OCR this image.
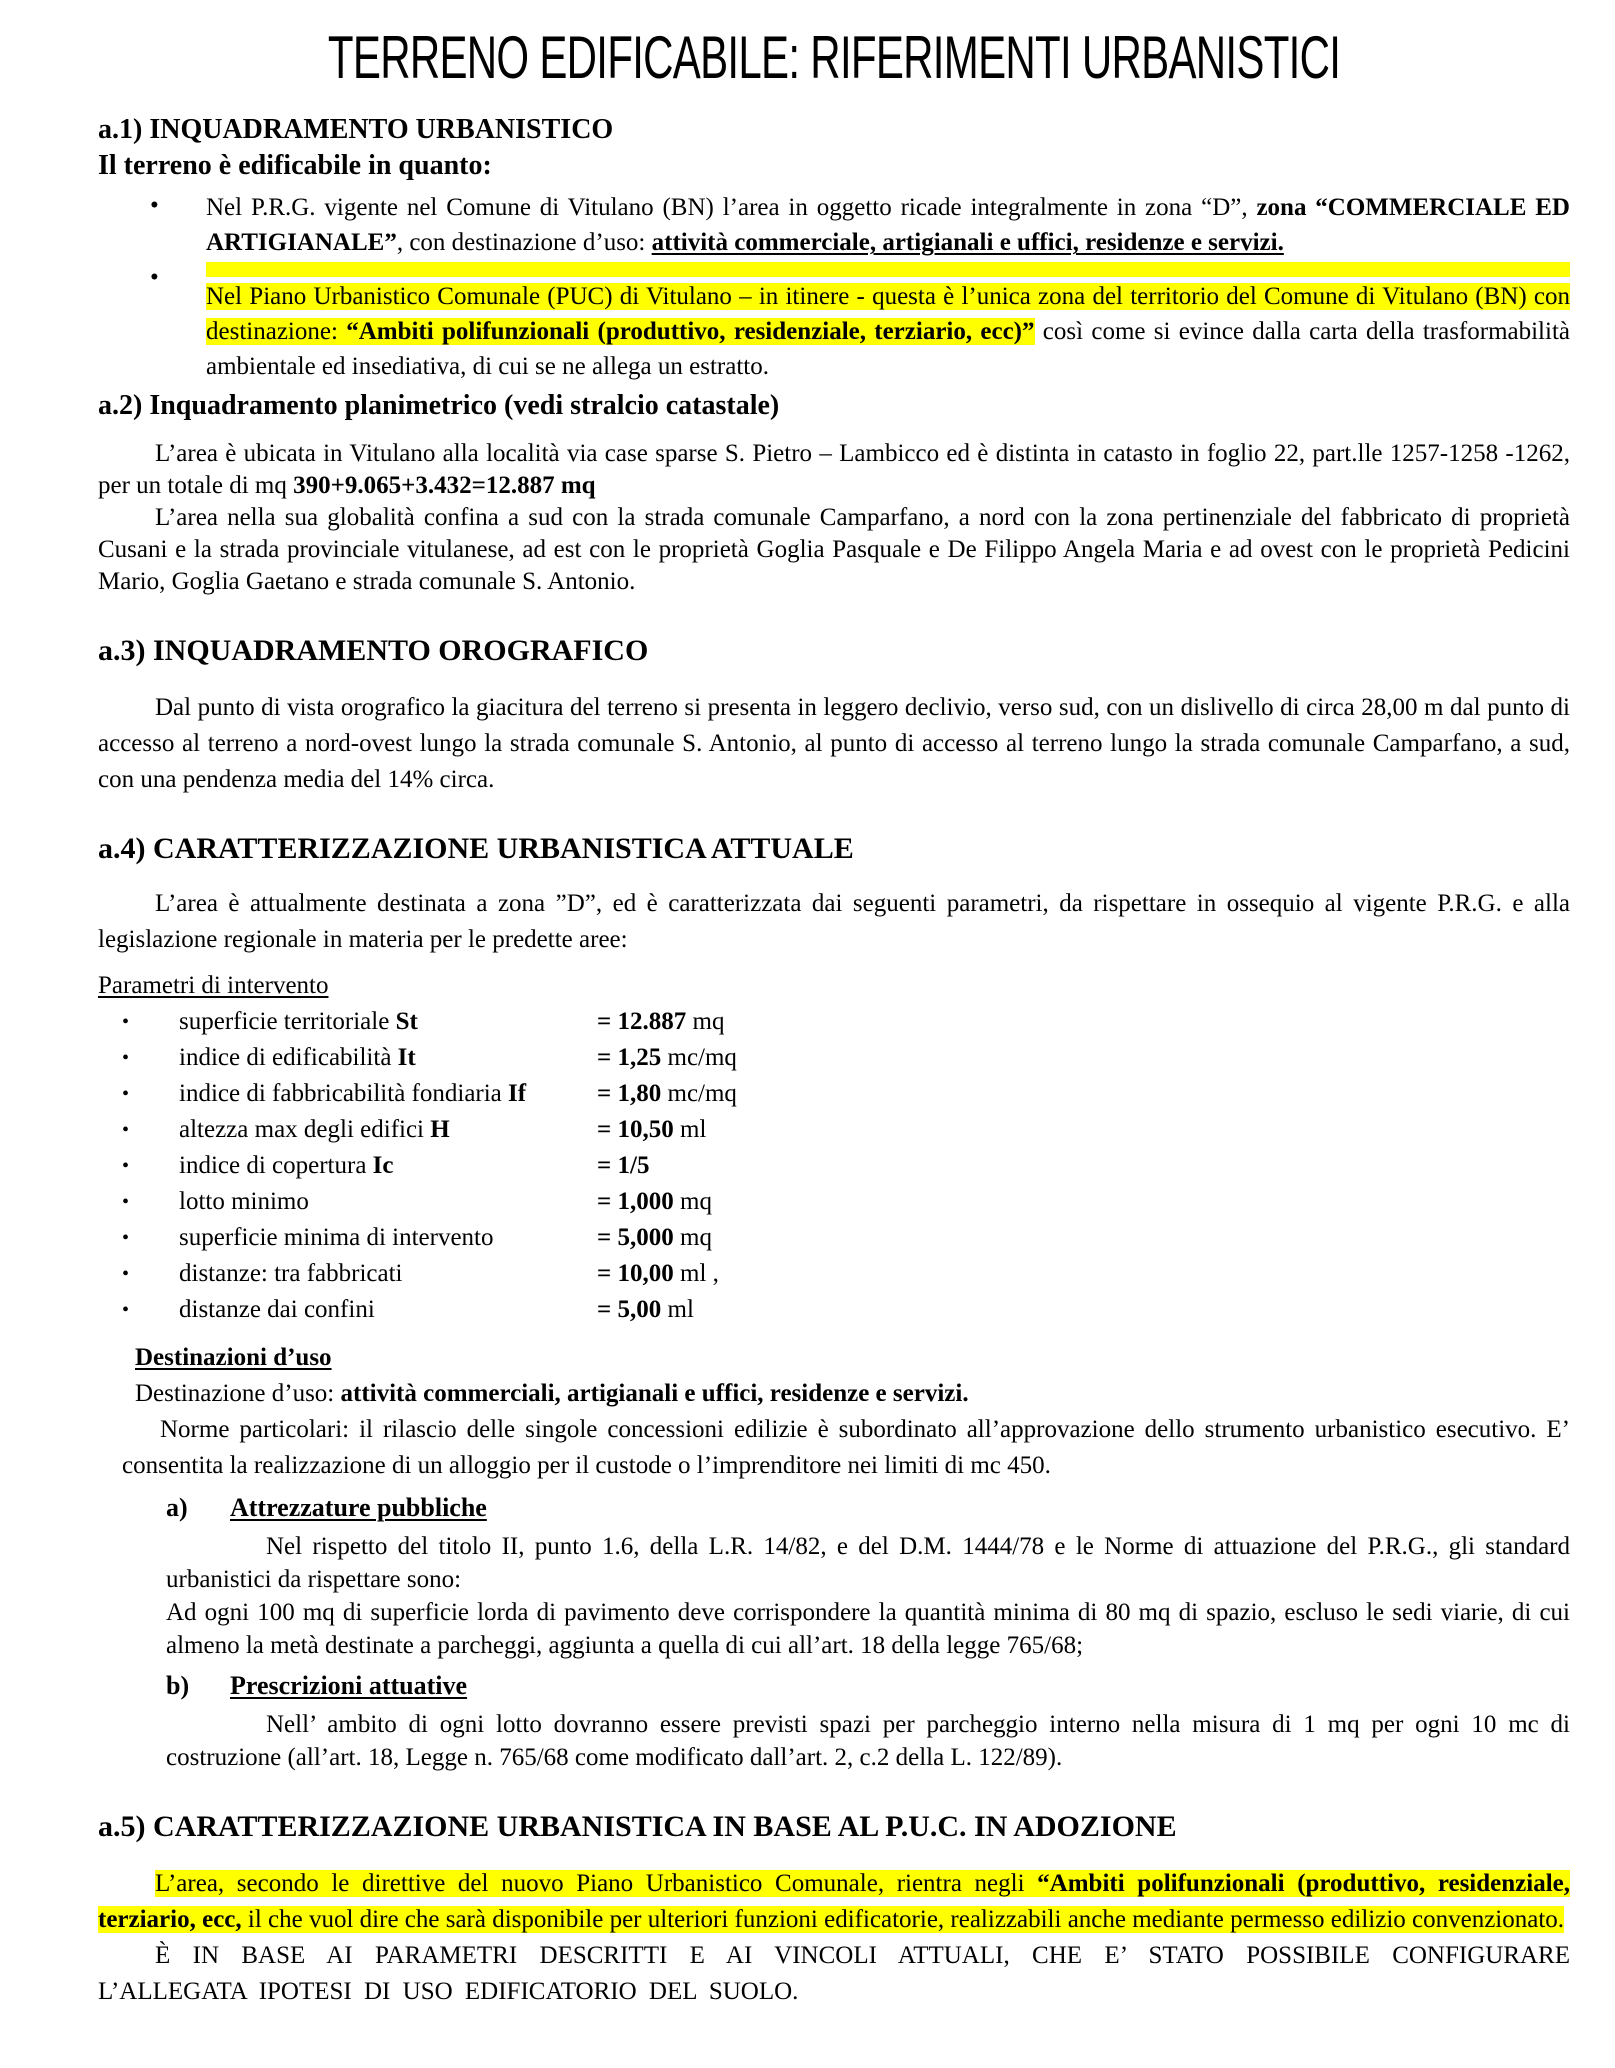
TERRENO EDIFICABILE: RIFERIMENTI URBANISTICI
a.1) INQUADRAMENTO URBANISTICO
Il terreno è edificabile in quanto:
• Nel P.R.G. vigente nel Comune di Vitulano (BN) l’area in oggetto ricade integralmente in zona “D”, zona “COMMERCIALE ED ARTIGIANALE”, con destinazione d’uso: attività commerciale, artigianali e uffici, residenze e servizi.
•
Nel Piano Urbanistico Comunale (PUC) di Vitulano – in itinere - questa è l’unica zona del territorio del Comune di Vitulano (BN) con destinazione: “Ambiti polifunzionali (produttivo, residenziale, terziario, ecc)” così come si evince dalla carta della trasformabilità ambientale ed insediativa, di cui se ne allega un estratto.
a.2) Inquadramento planimetrico (vedi stralcio catastale)
L’area è ubicata in Vitulano alla località via case sparse S. Pietro – Lambicco ed è distinta in catasto in foglio 22, part.lle 1257-1258 -1262, per un totale di mq 390+9.065+3.432=12.887 mq
L’area nella sua globalità confina a sud con la strada comunale Camparfano, a nord con la zona pertinenziale del fabbricato di proprietà Cusani e la strada provinciale vitulanese, ad est con le proprietà Goglia Pasquale e De Filippo Angela Maria e ad ovest con le proprietà Pedicini Mario, Goglia Gaetano e strada comunale S. Antonio.
a.3) INQUADRAMENTO OROGRAFICO
Dal punto di vista orografico la giacitura del terreno si presenta in leggero declivio, verso sud, con un dislivello di circa 28,00 m dal punto di accesso al terreno a nord-ovest lungo la strada comunale S. Antonio, al punto di accesso al terreno lungo la strada comunale Camparfano, a sud, con una pendenza media del 14% circa.
a.4) CARATTERIZZAZIONE URBANISTICA ATTUALE
L’area è attualmente destinata a zona ”D”, ed è caratterizzata dai seguenti parametri, da rispettare in ossequio al vigente P.R.G. e alla legislazione regionale in materia per le predette aree:
Parametri di intervento
• superficie territoriale St	= 12.887 mq
• indice di edificabilità It	= 1,25 mc/mq
• indice di fabbricabilità fondiaria If	= 1,80 mc/mq
• altezza max degli edifici H	= 10,50 ml
• indice di copertura Ic	= 1/5
• lotto minimo	= 1,000 mq
• superficie minima di intervento	= 5,000 mq
• distanze: tra fabbricati	= 10,00 ml ,
• distanze dai confini	= 5,00 ml
Destinazioni d’uso
Destinazione d’uso: attività commerciali, artigianali e uffici, residenze e servizi.
Norme particolari: il rilascio delle singole concessioni edilizie è subordinato all’approvazione dello strumento urbanistico esecutivo. E’ consentita la realizzazione di un alloggio per il custode o l’imprenditore nei limiti di mc 450.
a) Attrezzature pubbliche
Nel rispetto del titolo II, punto 1.6, della L.R. 14/82, e del D.M. 1444/78 e le Norme di attuazione del P.R.G., gli standard urbanistici da rispettare sono:
Ad ogni 100 mq di superficie lorda di pavimento deve corrispondere la quantità minima di 80 mq di spazio, escluso le sedi viarie, di cui almeno la metà destinate a parcheggi, aggiunta a quella di cui all’art. 18 della legge 765/68;
b) Prescrizioni attuative
Nell’ ambito di ogni lotto dovranno essere previsti spazi per parcheggio interno nella misura di 1 mq per ogni 10 mc di costruzione (all’art. 18, Legge n. 765/68 come modificato dall’art. 2, c.2 della L. 122/89).
a.5) CARATTERIZZAZIONE URBANISTICA IN BASE AL P.U.C. IN ADOZIONE
L’area, secondo le direttive del nuovo Piano Urbanistico Comunale, rientra negli “Ambiti polifunzionali (produttivo, residenziale, terziario, ecc, il che vuol dire che sarà disponibile per ulteriori funzioni edificatorie, realizzabili anche mediante permesso edilizio convenzionato.
È IN BASE AI PARAMETRI DESCRITTI E AI VINCOLI ATTUALI, CHE E’ STATO POSSIBILE CONFIGURARE L’ALLEGATA IPOTESI DI USO EDIFICATORIO DEL SUOLO.
